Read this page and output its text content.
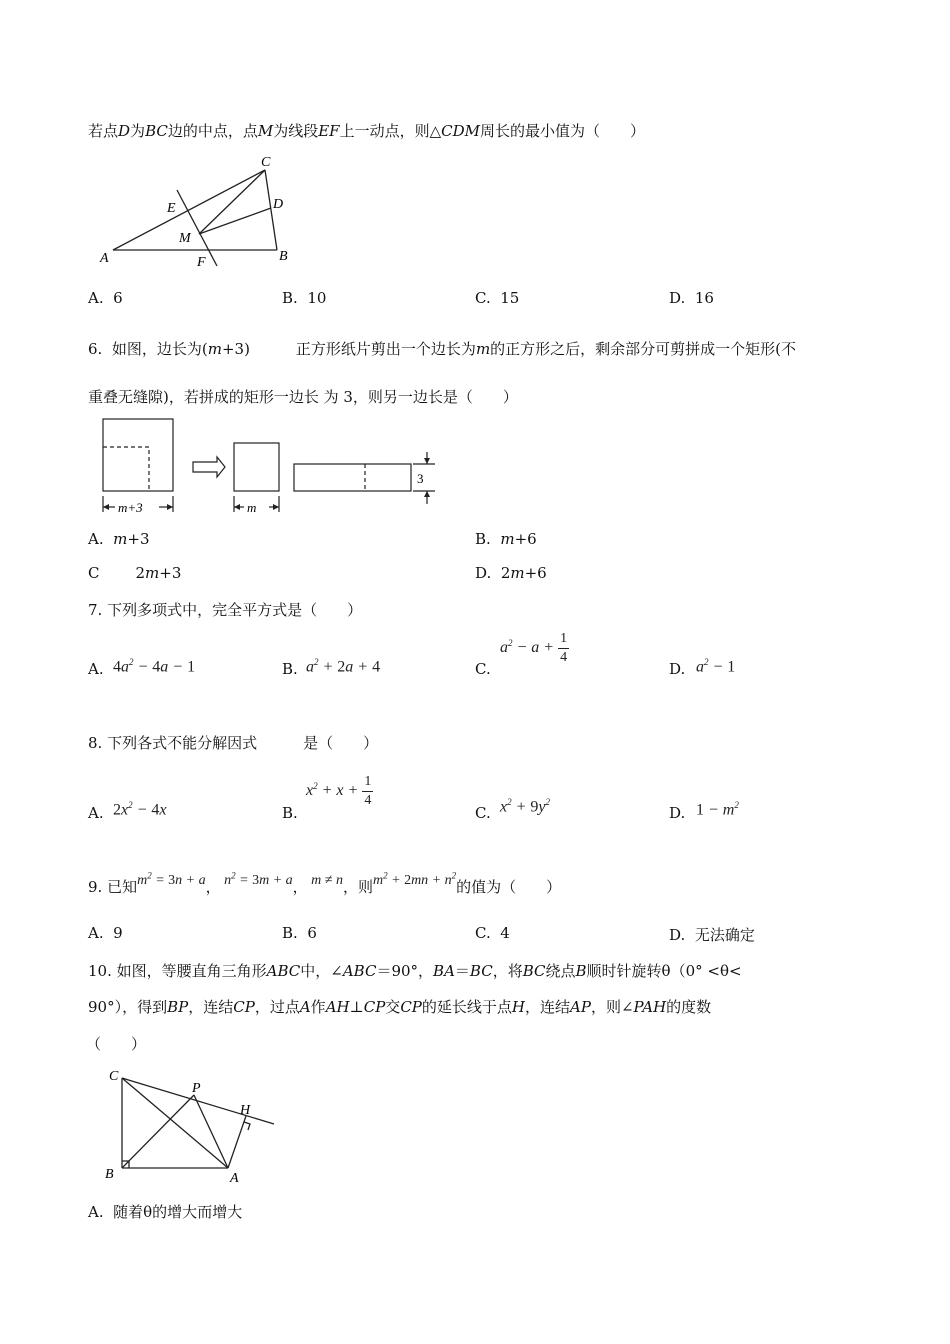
若点D为BC边的中点，点M为线段EF上一动点，则△CDM周长的最小值为（　　）
C
E	D
M
A	F	B
A. 6	B. 10	C. 15	D. 16
6. 如图，边长为(m+3)	正方形纸片剪出一个边长为m的正方形之后，剩余部分可剪拼成一个矩形(不
重叠无缝隙)，若拼成的矩形一边长 为 3，则另一边长是（　　）
m+3	m
3
A. m+3	B. m+6
C 2m+3	D. 2m+6
7. 下列多项式中，完全平方式是（　　）
A. $4a^2 - 4a - 1$	B. $a^2 + 2a + 4$	C.
$a^2 - a + \frac{1}{4}$
D. $a^2 - 1$
8. 下列各式不能分解因式	是（　　）
A. $2x^2 - 4x$	B.
$x^2 + x + \frac{1}{4}$
C. $x^2 + 9y^2$
D. $1 - m^2$
9. 已知$m^2 = 3n + a$， $n^2 = 3m + a$， m ≠ n，则$m^2 + 2mn + n^2$的值为（　　）
A. 9	B. 6	C. 4	D. 无法确定
10. 如图，等腰直角三角形ABC中，∠ABC＝90°，BA＝BC，将BC绕点B顺时针旋转θ（0° <θ<
90°），得到BP，连结CP，过点A作AH⊥CP交CP的延长线于点H，连结AP，则∠PAH的度数
（　　）
C
P
H
B	A
A. 随着θ的增大而增大
